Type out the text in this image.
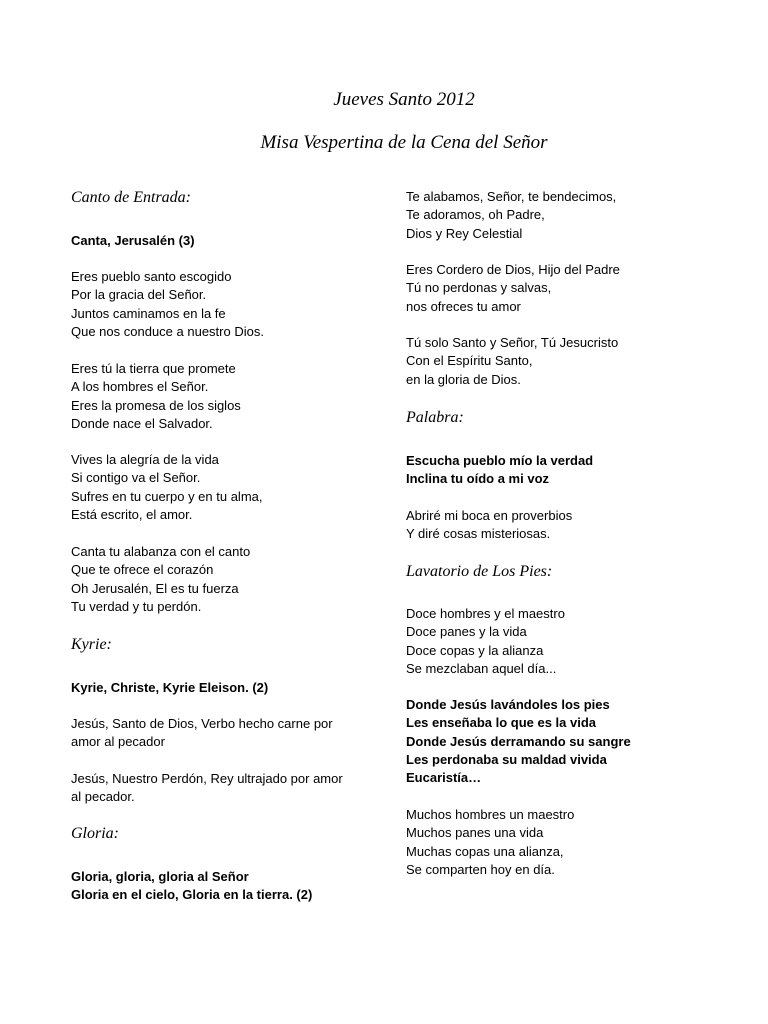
Jueves Santo 2012
Misa Vespertina de la Cena del Señor
Canto de Entrada:
Canta, Jerusalén (3)
Eres pueblo santo escogido
Por la gracia del Señor.
Juntos caminamos en la fe
Que nos conduce a nuestro Dios.
Eres tú la tierra que promete
A los hombres el Señor.
Eres la promesa de los siglos
Donde nace el Salvador.
Vives la alegría de la vida
Si contigo va el Señor.
Sufres en tu cuerpo y en tu alma,
Está escrito, el amor.
Canta tu alabanza con el canto
Que te ofrece el corazón
Oh Jerusalén, El es tu fuerza
Tu verdad y tu perdón.
Kyrie:
Kyrie, Christe, Kyrie Eleison. (2)
Jesús, Santo de Dios, Verbo hecho carne por
amor al pecador
Jesús, Nuestro Perdón, Rey ultrajado por amor
al pecador.
Gloria:
Gloria, gloria, gloria al Señor
Gloria en el cielo, Gloria en la tierra. (2)
Te alabamos, Señor, te bendecimos,
Te adoramos, oh Padre,
Dios y Rey Celestial
Eres Cordero de Dios, Hijo del Padre
Tú no perdonas y salvas,
nos ofreces tu amor
Tú solo Santo y Señor, Tú Jesucristo
Con el Espíritu Santo,
en la gloria de Dios.
Palabra:
Escucha pueblo mío la verdad
Inclina tu oído a mi voz
Abriré mi boca en proverbios
Y diré cosas misteriosas.
Lavatorio de Los Pies:
Doce hombres y el maestro
Doce panes y la vida
Doce copas y la alianza
Se mezclaban aquel día...
Donde Jesús lavándoles los pies
Les enseñaba lo que es la vida
Donde Jesús derramando su sangre
Les perdonaba su maldad vivida
Eucaristía…
Muchos hombres un maestro
Muchos panes una vida
Muchas copas una alianza,
Se comparten hoy en día.
